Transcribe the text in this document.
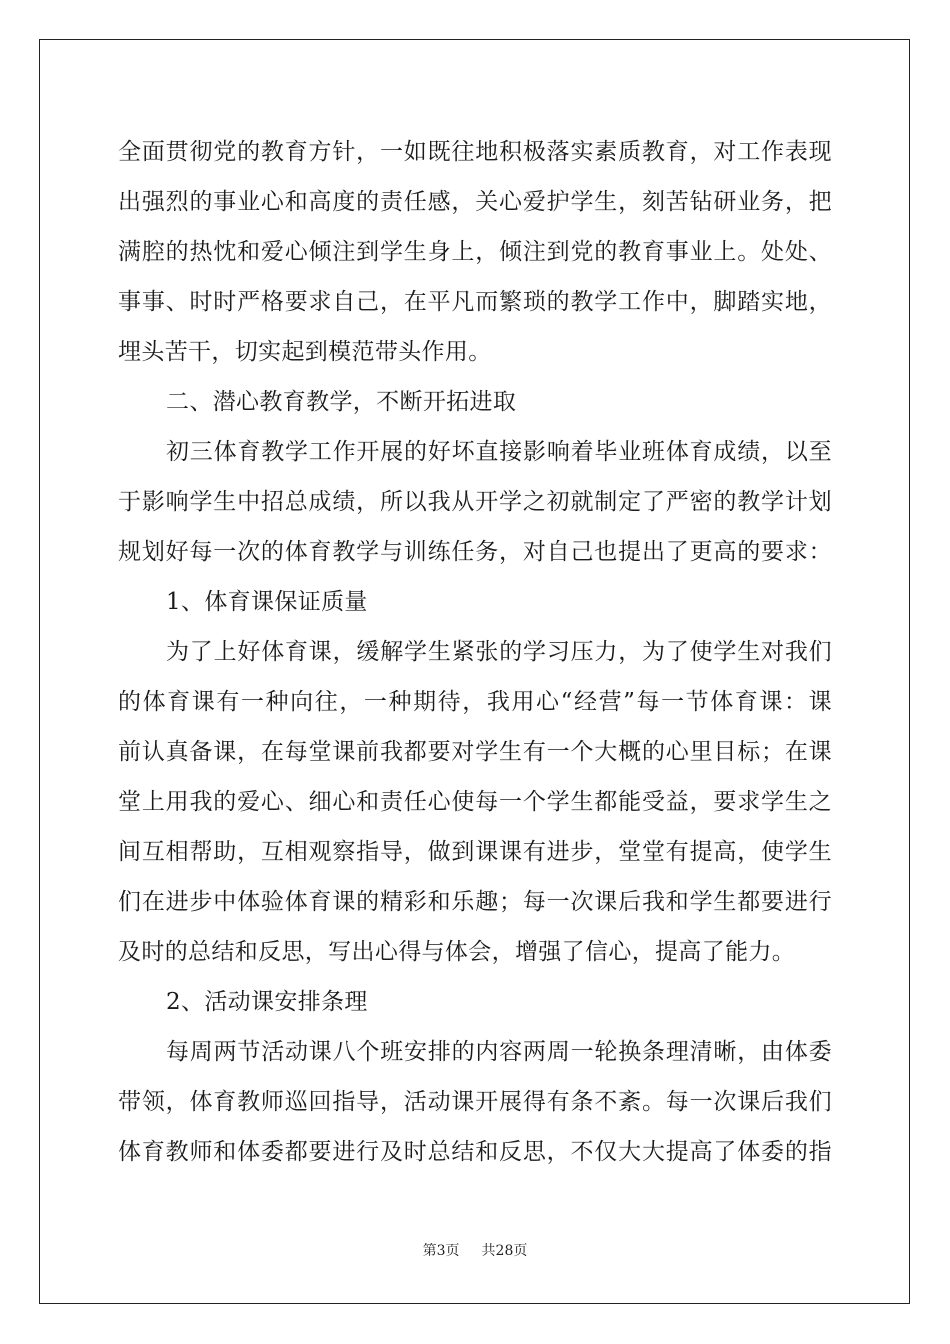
全面贯彻党的教育方针，一如既往地积极落实素质教育，对工作表现
出强烈的事业心和高度的责任感，关心爱护学生，刻苦钻研业务，把
满腔的热忱和爱心倾注到学生身上，倾注到党的教育事业上。处处、
事事、时时严格要求自己，在平凡而繁琐的教学工作中，脚踏实地，
埋头苦干，切实起到模范带头作用。
二、潜心教育教学，不断开拓进取
初三体育教学工作开展的好坏直接影响着毕业班体育成绩，以至
于影响学生中招总成绩，所以我从开学之初就制定了严密的教学计划
规划好每一次的体育教学与训练任务，对自己也提出了更高的要求：
1、体育课保证质量
为了上好体育课，缓解学生紧张的学习压力，为了使学生对我们
的体育课有一种向往，一种期待，我用心“经营”每一节体育课：课
前认真备课，在每堂课前我都要对学生有一个大概的心里目标；在课
堂上用我的爱心、细心和责任心使每一个学生都能受益，要求学生之
间互相帮助，互相观察指导，做到课课有进步，堂堂有提高，使学生
们在进步中体验体育课的精彩和乐趣；每一次课后我和学生都要进行
及时的总结和反思，写出心得与体会，增强了信心，提高了能力。
2、活动课安排条理
每周两节活动课八个班安排的内容两周一轮换条理清晰，由体委
带领，体育教师巡回指导，活动课开展得有条不紊。每一次课后我们
体育教师和体委都要进行及时总结和反思，不仅大大提高了体委的指
第3页 共28页
